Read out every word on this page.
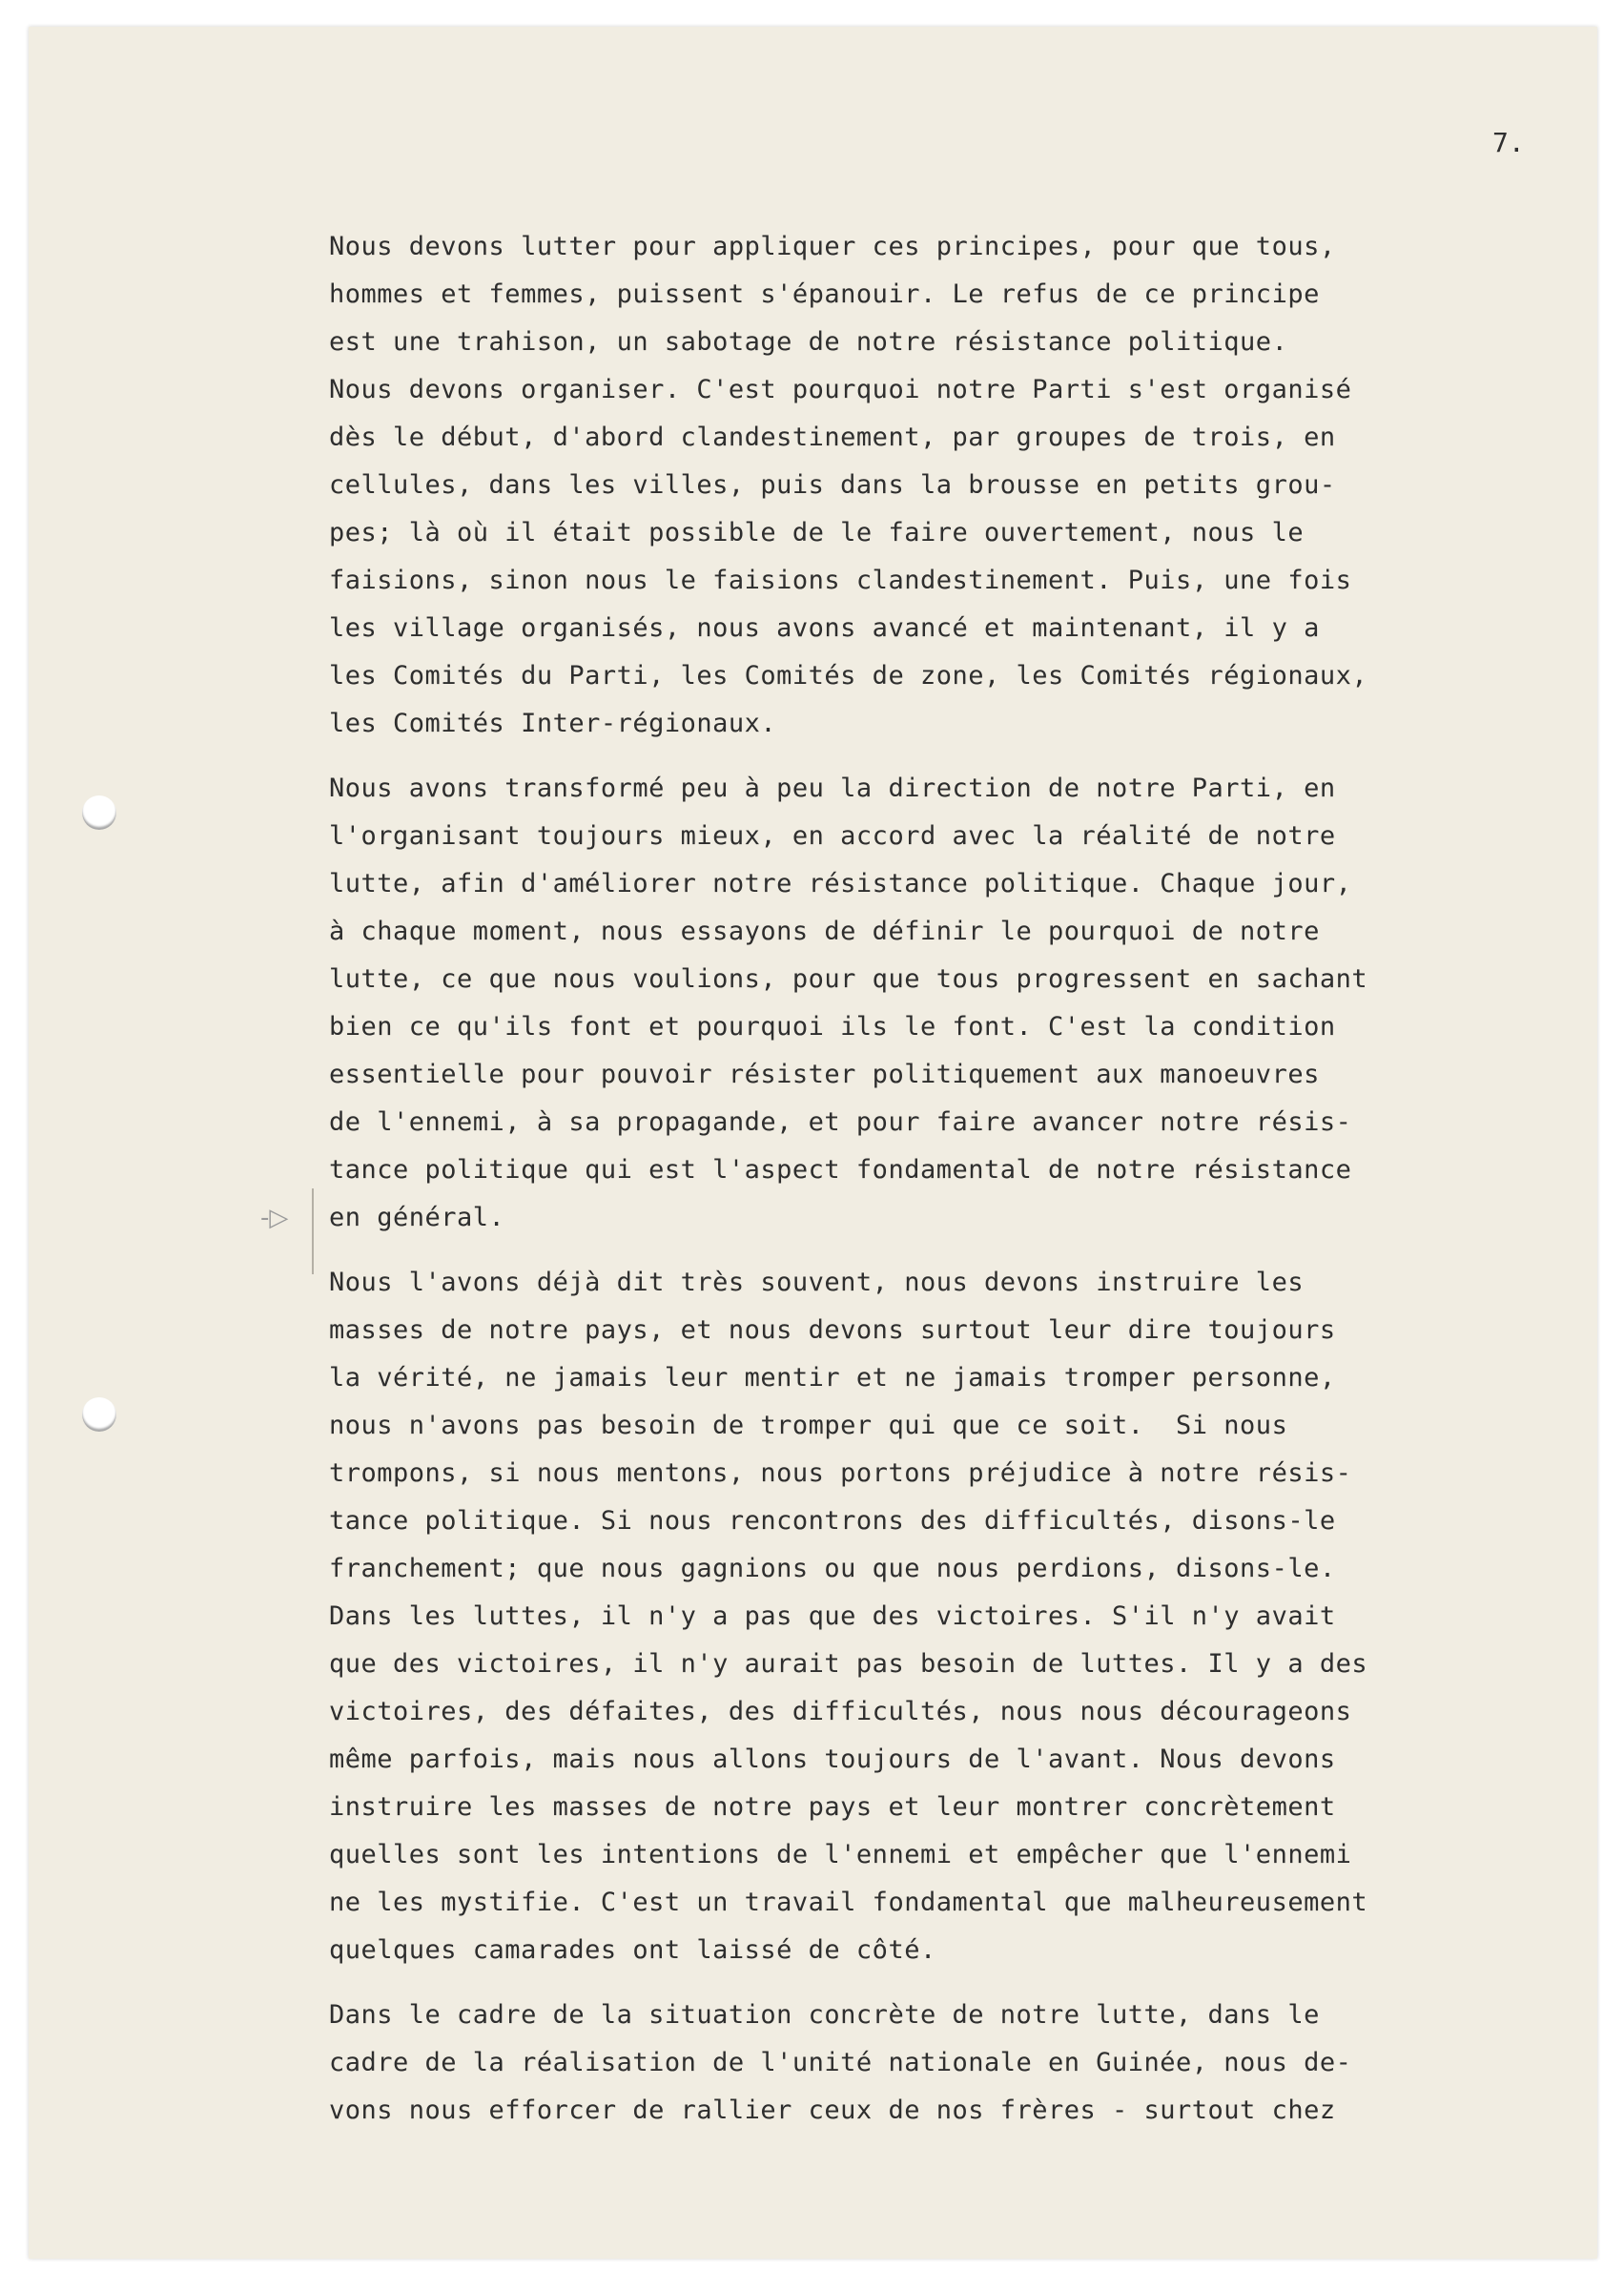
7.
-▷

Nous devons lutter pour appliquer ces principes, pour que tous,
hommes et femmes, puissent s'épanouir. Le refus de ce principe
est une trahison, un sabotage de notre résistance politique.
Nous devons organiser. C'est pourquoi notre Parti s'est organisé
dès le début, d'abord clandestinement, par groupes de trois, en
cellules, dans les villes, puis dans la brousse en petits grou-
pes; là où il était possible de le faire ouvertement, nous le
faisions, sinon nous le faisions clandestinement. Puis, une fois
les village organisés, nous avons avancé et maintenant, il y a
les Comités du Parti, les Comités de zone, les Comités régionaux,
les Comités Inter-régionaux.

Nous avons transformé peu à peu la direction de notre Parti, en
l'organisant toujours mieux, en accord avec la réalité de notre
lutte, afin d'améliorer notre résistance politique. Chaque jour,
à chaque moment, nous essayons de définir le pourquoi de notre
lutte, ce que nous voulions, pour que tous progressent en sachant
bien ce qu'ils font et pourquoi ils le font. C'est la condition
essentielle pour pouvoir résister politiquement aux manoeuvres
de l'ennemi, à sa propagande, et pour faire avancer notre résis-
tance politique qui est l'aspect fondamental de notre résistance
en général.

Nous l'avons déjà dit très souvent, nous devons instruire les
masses de notre pays, et nous devons surtout leur dire toujours
la vérité, ne jamais leur mentir et ne jamais tromper personne,
nous n'avons pas besoin de tromper qui que ce soit.  Si nous
trompons, si nous mentons, nous portons préjudice à notre résis-
tance politique. Si nous rencontrons des difficultés, disons-le
franchement; que nous gagnions ou que nous perdions, disons-le.
Dans les luttes, il n'y a pas que des victoires. S'il n'y avait
que des victoires, il n'y aurait pas besoin de luttes. Il y a des
victoires, des défaites, des difficultés, nous nous décourageons
même parfois, mais nous allons toujours de l'avant. Nous devons
instruire les masses de notre pays et leur montrer concrètement
quelles sont les intentions de l'ennemi et empêcher que l'ennemi
ne les mystifie. C'est un travail fondamental que malheureusement
quelques camarades ont laissé de côté.

Dans le cadre de la situation concrète de notre lutte, dans le
cadre de la réalisation de l'unité nationale en Guinée, nous de-
vons nous efforcer de rallier ceux de nos frères - surtout chez
